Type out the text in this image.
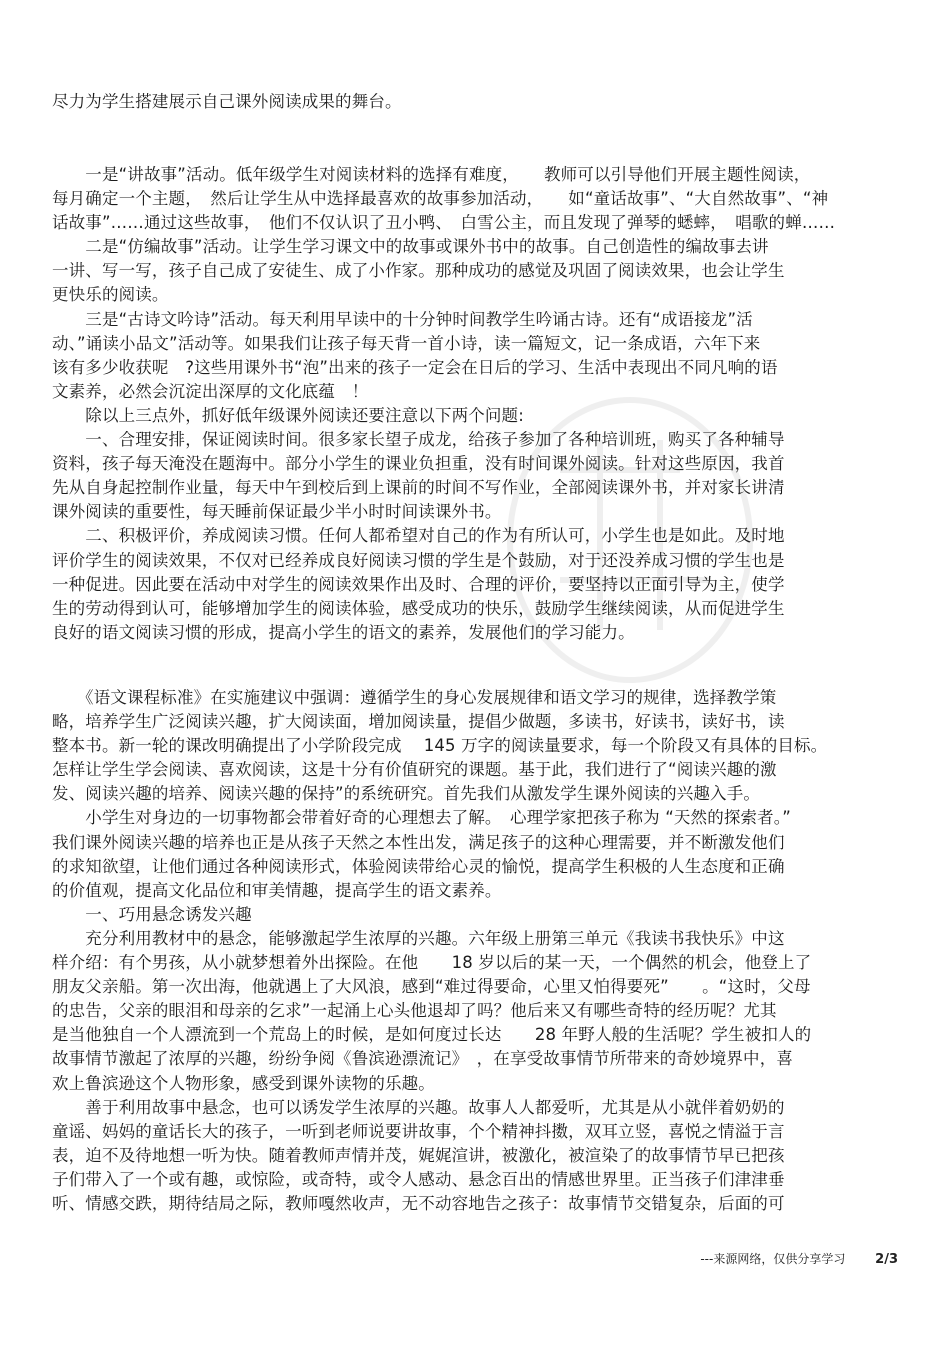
尽力为学生搭建展示自己课外阅读成果的舞台。
　　一是“讲故事”活动。低年级学生对阅读材料的选择有难度，　　教师可以引导他们开展主题性阅读，
每月确定一个主题，　然后让学生从中选择最喜欢的故事参加活动，　　如“童话故事”、“大自然故事”、“神
话故事”……通过这些故事，　他们不仅认识了丑小鸭、　白雪公主，而且发现了弹琴的蟋蟀，　唱歌的蝉……
　　二是“仿编故事”活动。让学生学习课文中的故事或课外书中的故事。自己创造性的编故事去讲
一讲、写一写，孩子自己成了安徒生、成了小作家。那种成功的感觉及巩固了阅读效果，也会让学生
更快乐的阅读。
　　三是“古诗文吟诗”活动。每天利用早读中的十分钟时间教学生吟诵古诗。还有“成语接龙”活
动、”诵读小品文”活动等。如果我们让孩子每天背一首小诗，读一篇短文，记一条成语，六年下来
该有多少收获呢　?这些用课外书“泡”出来的孩子一定会在日后的学习、生活中表现出不同凡响的语
文素养，必然会沉淀出深厚的文化底蕴　！
　　除以上三点外，抓好低年级课外阅读还要注意以下两个问题:
　　一、合理安排，保证阅读时间。很多家长望子成龙，给孩子参加了各种培训班，购买了各种辅导
资料，孩子每天淹没在题海中。部分小学生的课业负担重，没有时间课外阅读。针对这些原因，我首
先从自身起控制作业量，每天中午到校后到上课前的时间不写作业，全部阅读课外书，并对家长讲清
课外阅读的重要性，每天睡前保证最少半小时时间读课外书。
　　二、积极评价，养成阅读习惯。任何人都希望对自己的作为有所认可，小学生也是如此。及时地
评价学生的阅读效果，不仅对已经养成良好阅读习惯的学生是个鼓励，对于还没养成习惯的学生也是
一种促进。因此要在活动中对学生的阅读效果作出及时、合理的评价，要坚持以正面引导为主，使学
生的劳动得到认可，能够增加学生的阅读体验，感受成功的快乐，鼓励学生继续阅读，从而促进学生
良好的语文阅读习惯的形成，提高小学生的语文的素养，发展他们的学习能力。
　　《语文课程标准》在实施建议中强调：遵循学生的身心发展规律和语文学习的规律，选择教学策
略，培养学生广泛阅读兴趣，扩大阅读面，增加阅读量，提倡少做题，多读书，好读书，读好书，读
整本书。新一轮的课改明确提出了小学阶段完成　 145 万字的阅读量要求，每一个阶段又有具体的目标。
怎样让学生学会阅读、喜欢阅读，这是十分有价值研究的课题。基于此，我们进行了“阅读兴趣的激
发、阅读兴趣的培养、阅读兴趣的保持”的系统研究。首先我们从激发学生课外阅读的兴趣入手。
　　小学生对身边的一切事物都会带着好奇的心理想去了解。　心理学家把孩子称为 “天然的探索者。”
我们课外阅读兴趣的培养也正是从孩子天然之本性出发，满足孩子的这种心理需要，并不断激发他们
的求知欲望，让他们通过各种阅读形式，体验阅读带给心灵的愉悦，提高学生积极的人生态度和正确
的价值观，提高文化品位和审美情趣，提高学生的语文素养。
　　一、巧用悬念诱发兴趣
　　充分利用教材中的悬念，能够激起学生浓厚的兴趣。六年级上册第三单元《我读书我快乐》中这
样介绍：有个男孩，从小就梦想着外出探险。在他　　18 岁以后的某一天，一个偶然的机会，他登上了
朋友父亲船。第一次出海，他就遇上了大风浪，感到“难过得要命，心里又怕得要死”　　。“这时，父母
的忠告，父亲的眼泪和母亲的乞求”一起涌上心头他退却了吗？他后来又有哪些奇特的经历呢？尤其
是当他独自一个人漂流到一个荒岛上的时候，是如何度过长达　　28 年野人般的生活呢？学生被扣人的
故事情节激起了浓厚的兴趣，纷纷争阅《鲁滨逊漂流记》　，在享受故事情节所带来的奇妙境界中，喜
欢上鲁滨逊这个人物形象，感受到课外读物的乐趣。
　　善于利用故事中悬念，也可以诱发学生浓厚的兴趣。故事人人都爱听，尤其是从小就伴着奶奶的
童谣、妈妈的童话长大的孩子，一听到老师说要讲故事，个个精神抖擞，双耳立竖，喜悦之情溢于言
表，迫不及待地想一听为快。随着教师声情并茂，娓娓渲讲，被激化，被渲染了的故事情节早已把孩
子们带入了一个或有趣，或惊险，或奇特，或令人感动、悬念百出的情感世界里。正当孩子们津津垂
听、情感交跌，期待结局之际，教师嘎然收声，无不动容地告之孩子：故事情节交错复杂，后面的可
---来源网络，仅供分享学习 2/3
